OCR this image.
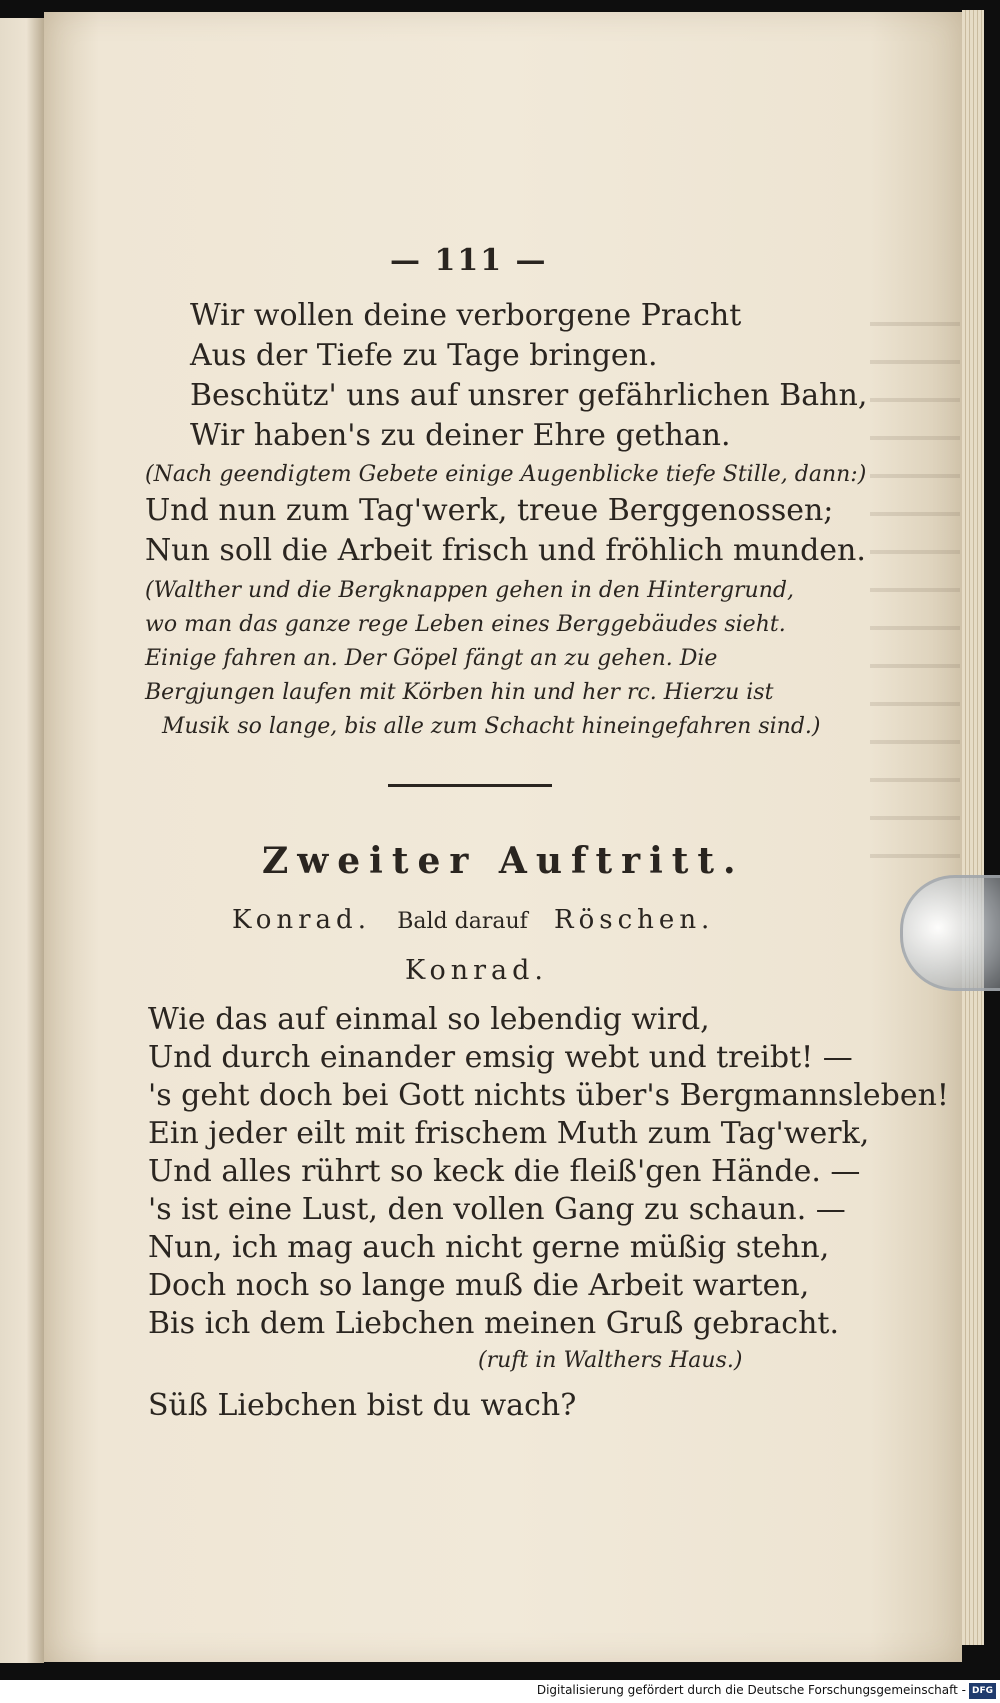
— 111 —
Wir wollen deine verborgene Pracht
Aus der Tiefe zu Tage bringen.
Beschütz' uns auf unsrer gefährlichen Bahn,
Wir haben's zu deiner Ehre gethan.
(Nach geendigtem Gebete einige Augenblicke tiefe Stille, dann:)
Und nun zum Tag'werk, treue Berggenossen;
Nun soll die Arbeit frisch und fröhlich munden.
(Walther und die Bergknappen gehen in den Hintergrund,
wo man das ganze rege Leben eines Berggebäudes sieht.
Einige fahren an. Der Göpel fängt an zu gehen. Die
Bergjungen laufen mit Körben hin und her rc. Hierzu ist
Musik so lange, bis alle zum Schacht hineingefahren sind.)
Zweiter Auftritt.
Konrad. Bald darauf Röschen.
Konrad.
Wie das auf einmal so lebendig wird,
Und durch einander emsig webt und treibt! —
's geht doch bei Gott nichts über's Bergmannsleben!
Ein jeder eilt mit frischem Muth zum Tag'werk,
Und alles rührt so keck die fleiß'gen Hände. —
's ist eine Lust, den vollen Gang zu schaun. —
Nun, ich mag auch nicht gerne müßig stehn,
Doch noch so lange muß die Arbeit warten,
Bis ich dem Liebchen meinen Gruß gebracht.
(ruft in Walthers Haus.)
Süß Liebchen bist du wach?
Digitalisierung gefördert durch die Deutsche Forschungsgemeinschaft - DFG
